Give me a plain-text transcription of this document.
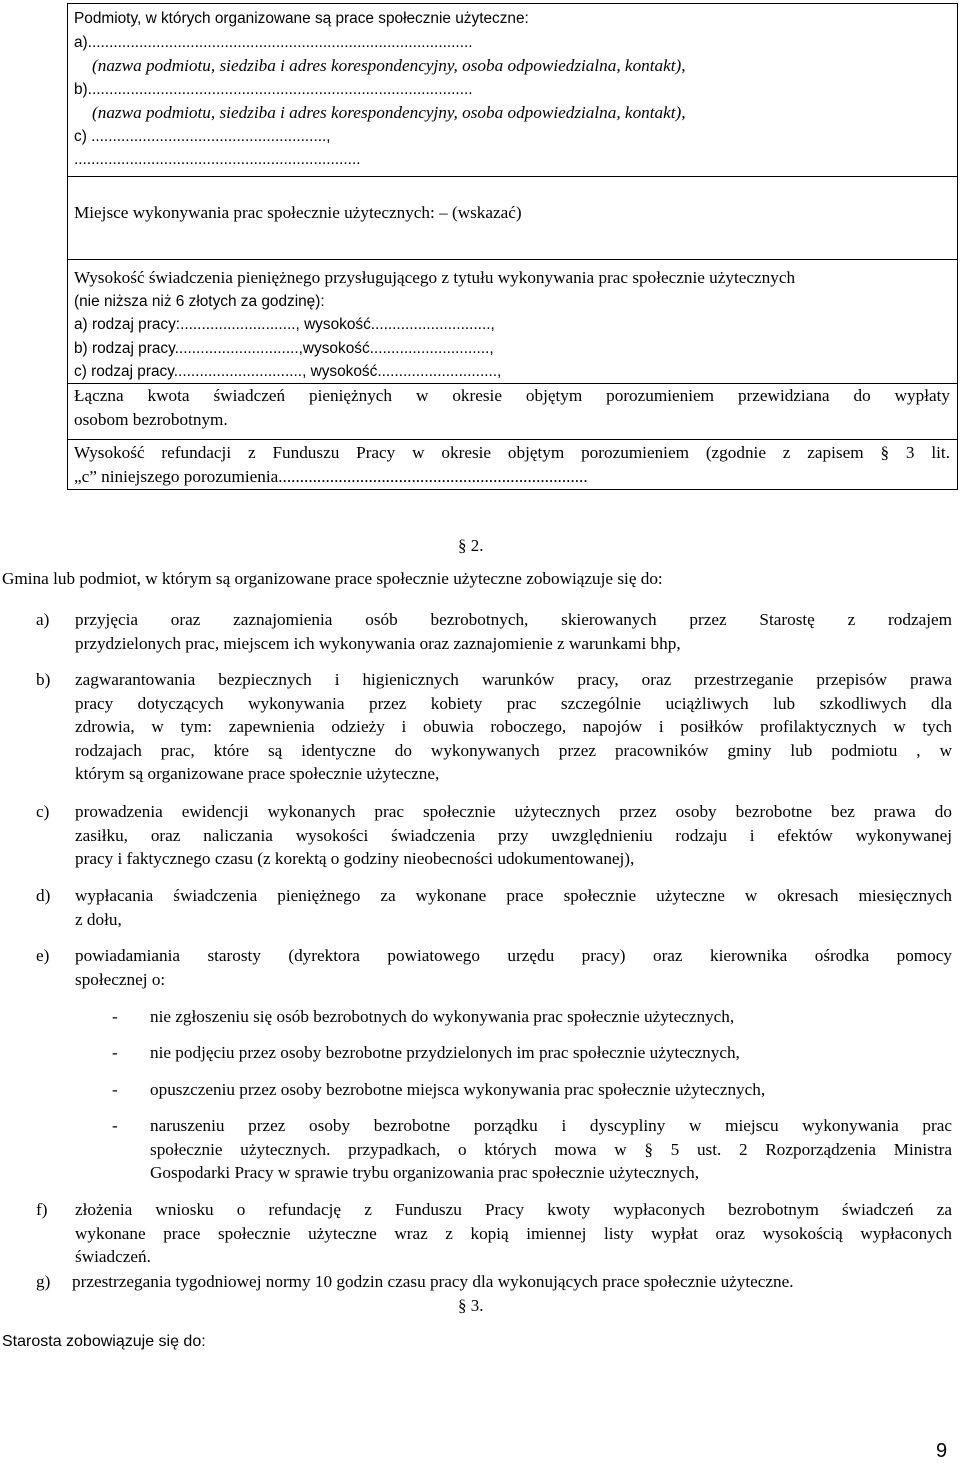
Podmioty, w których organizowane są prace społecznie użyteczne:
a)..........................................................................................
(nazwa podmiotu, siedziba i adres korespondencyjny, osoba odpowiedzialna, kontakt),
b)..........................................................................................
(nazwa podmiotu, siedziba i adres korespondencyjny, osoba odpowiedzialna, kontakt),
c) .......................................................,
...................................................................
Miejsce wykonywania prac społecznie użytecznych: – (wskazać)
Wysokość świadczenia pieniężnego przysługującego z tytułu wykonywania prac społecznie użytecznych
(nie niższa niż 6 złotych za godzinę):
a) rodzaj pracy:..........................., wysokość............................,
b) rodzaj pracy.............................,wysokość............................,
c) rodzaj pracy.............................., wysokość............................,
Łączna kwota świadczeń pieniężnych w okresie objętym porozumieniem przewidziana do wypłaty
osobom bezrobotnym.
Wysokość refundacji z Funduszu Pracy w okresie objętym porozumieniem (zgodnie z zapisem § 3 lit.
„c” niniejszego porozumienia........................................................................
§ 2.
Gmina lub podmiot, w którym są organizowane prace społecznie użyteczne zobowiązuje się do:
a)	przyjęcia oraz zaznajomienia osób bezrobotnych, skierowanych przez Starostę z rodzajem
przydzielonych prac, miejscem ich wykonywania oraz zaznajomienie z warunkami bhp,
b)	zagwarantowania bezpiecznych i higienicznych warunków pracy, oraz przestrzeganie przepisów prawa
pracy dotyczących wykonywania przez kobiety prac szczególnie uciążliwych lub szkodliwych dla
zdrowia, w tym: zapewnienia odzieży i obuwia roboczego, napojów i posiłków profilaktycznych w tych
rodzajach prac, które są identyczne do wykonywanych przez pracowników gminy lub podmiotu , w
którym są organizowane prace społecznie użyteczne,
c)	prowadzenia ewidencji wykonanych prac społecznie użytecznych przez osoby bezrobotne bez prawa do
zasiłku, oraz naliczania wysokości świadczenia przy uwzględnieniu rodzaju i efektów wykonywanej
pracy i faktycznego czasu (z korektą o godziny nieobecności udokumentowanej),
d)	wypłacania świadczenia pieniężnego za wykonane prace społecznie użyteczne w okresach miesięcznych
z dołu,
e)	powiadamiania starosty (dyrektora powiatowego urzędu pracy) oraz kierownika ośrodka pomocy
społecznej o:
- nie zgłoszeniu się osób bezrobotnych do wykonywania prac społecznie użytecznych,
- nie podjęciu przez osoby bezrobotne przydzielonych im prac społecznie użytecznych,
- opuszczeniu przez osoby bezrobotne miejsca wykonywania prac społecznie użytecznych,
- naruszeniu przez osoby bezrobotne porządku i dyscypliny w miejscu wykonywania prac
społecznie użytecznych. przypadkach, o których mowa w § 5 ust. 2 Rozporządzenia Ministra
Gospodarki Pracy w sprawie trybu organizowania prac społecznie użytecznych,
f)	złożenia wniosku o refundację z Funduszu Pracy kwoty wypłaconych bezrobotnym świadczeń za
wykonane prace społecznie użyteczne wraz z kopią imiennej listy wypłat oraz wysokością wypłaconych
świadczeń.
g)	przestrzegania tygodniowej normy 10 godzin czasu pracy dla wykonujących prace społecznie użyteczne.
§ 3.
Starosta zobowiązuje się do:
9
